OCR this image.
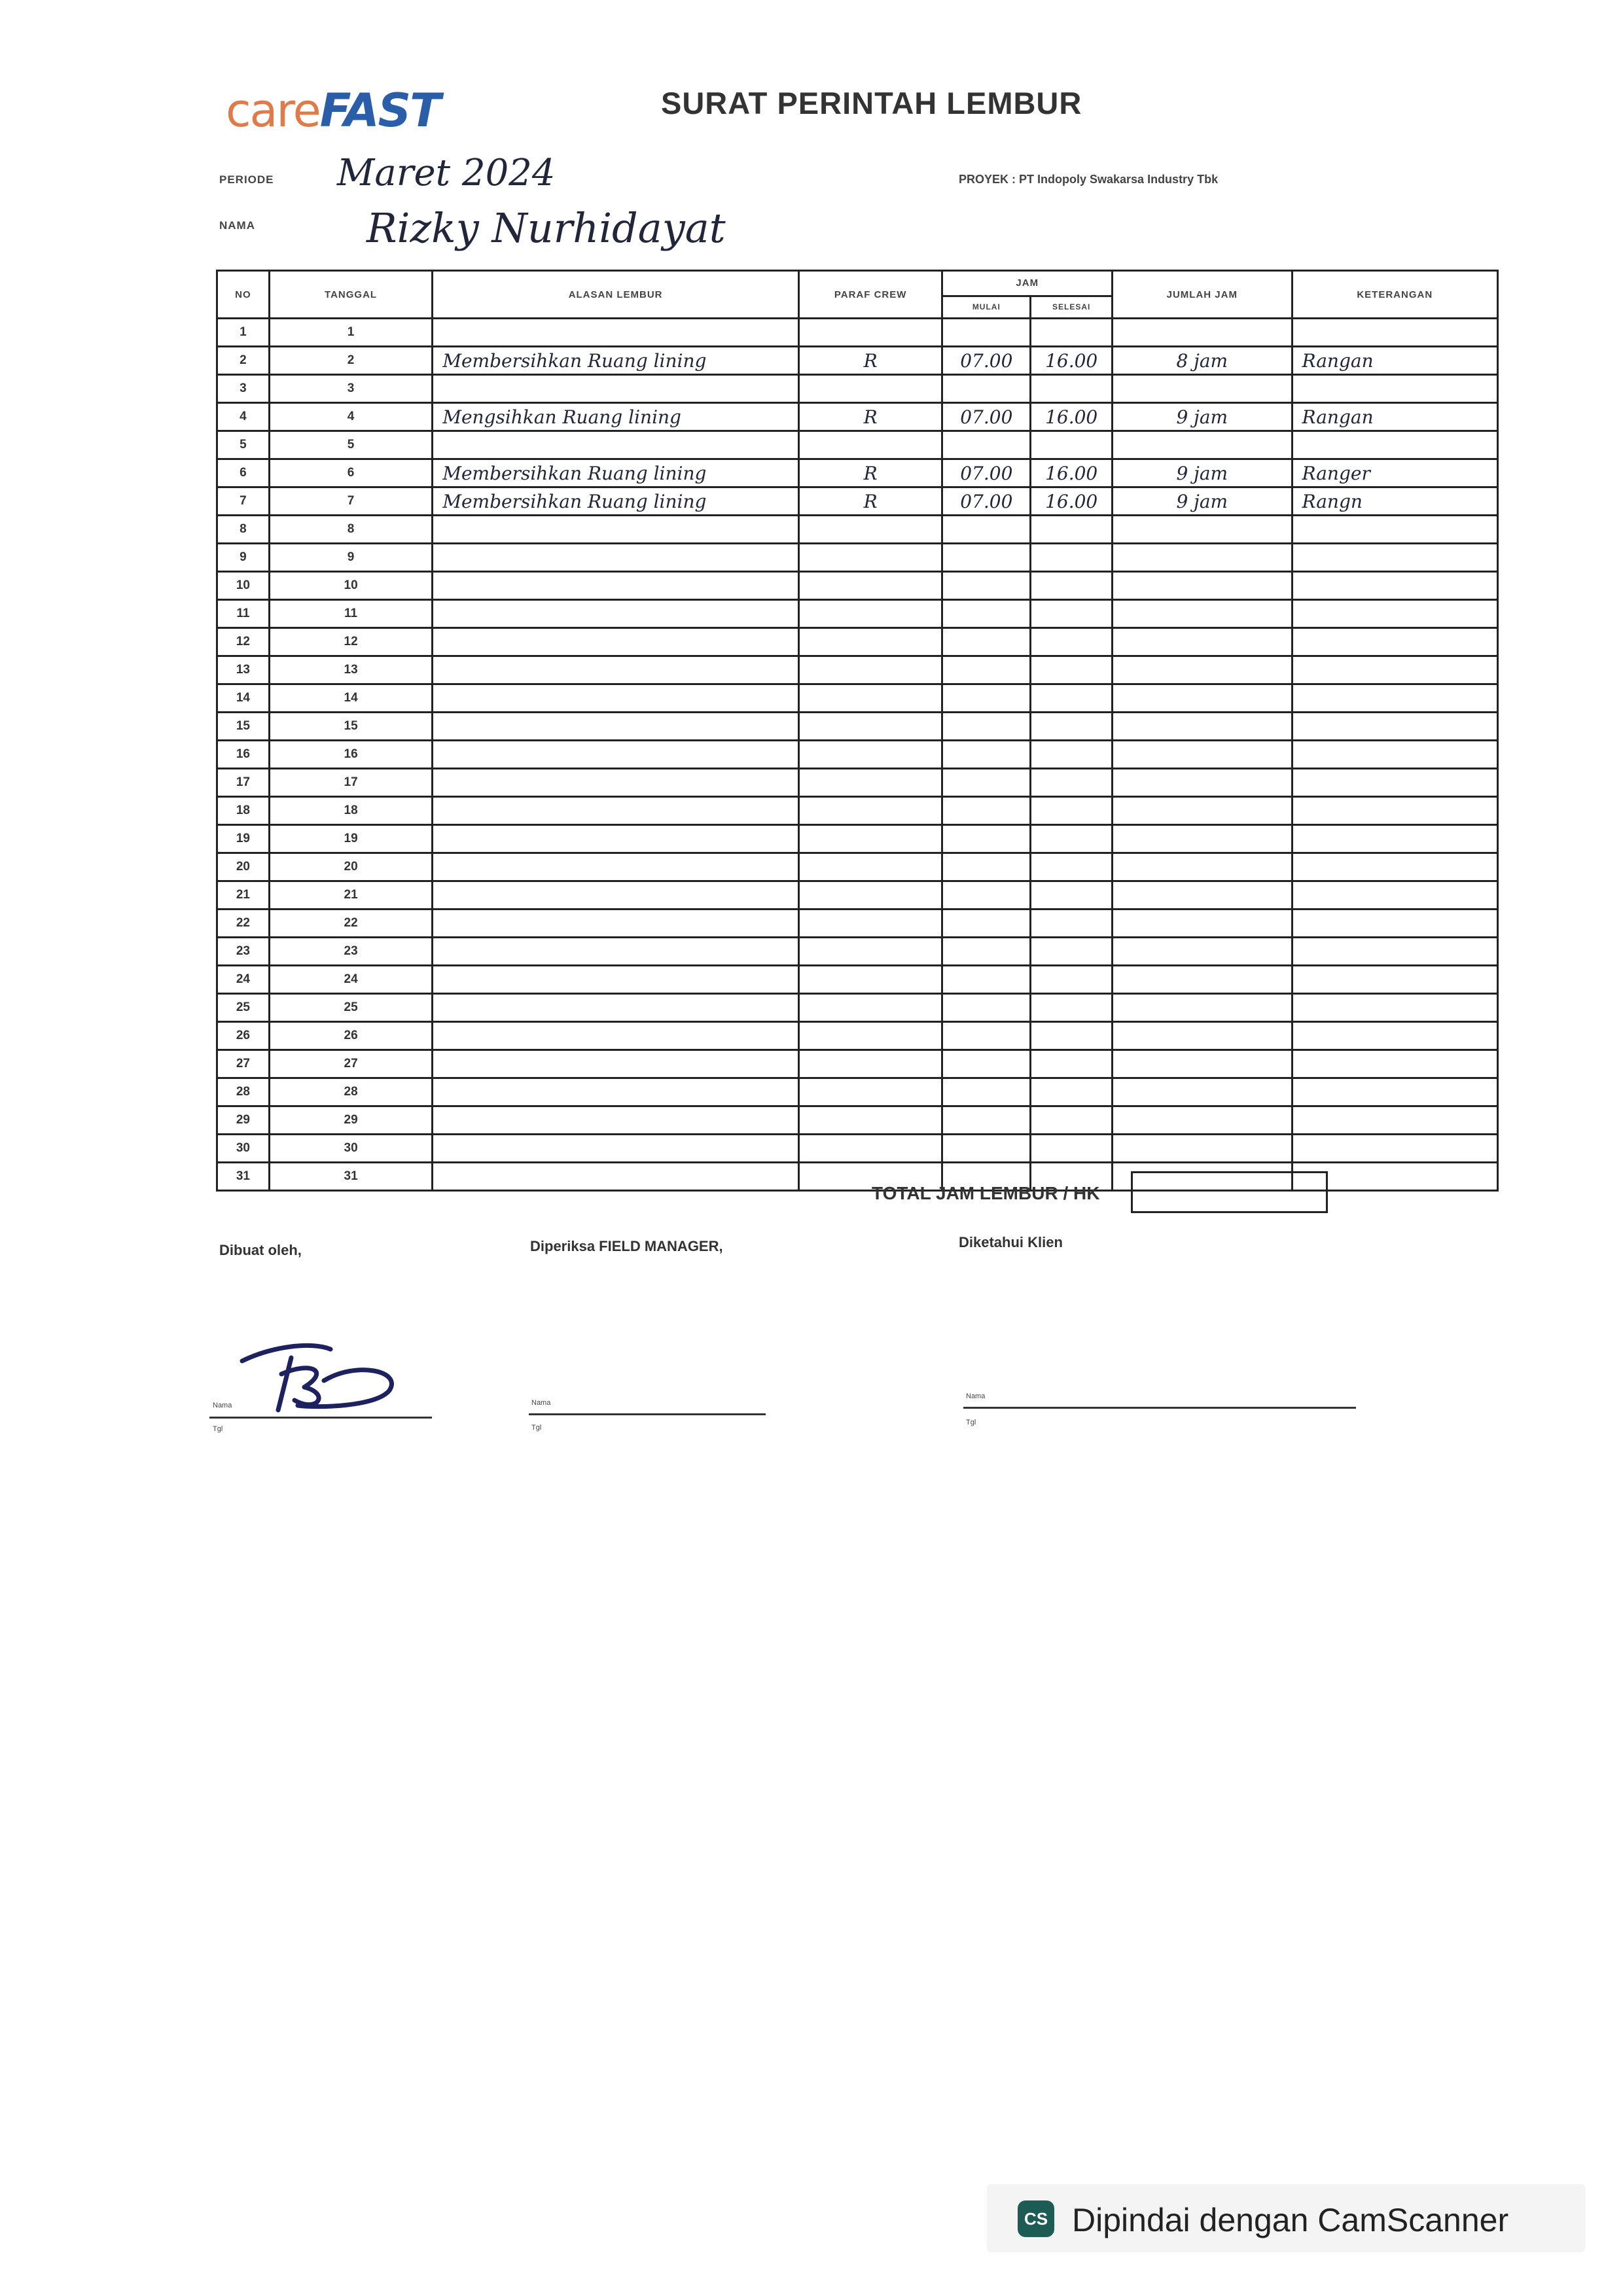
careFAST	SURAT PERINTAH LEMBUR
PERIODE Maret 2024
NAMA	Rizky Nurhidayat
PROYEK : PT Indopoly Swakarsa Industry Tbk
NO	TANGGAL	ALASAN LEMBUR	PARAF CREW	JAM		JUMLAH JAM	KETERANGAN
				MULAI	SELESAI		
1	1						
2	2	Membersihkan Ruang lining	R	07.00	16.00	8 jam	Rangan
3	3						
4	4	Mengsihkan Ruang lining	R	07.00	16.00	9 jam	Rangan
5	5						
6	6	Membersihkan Ruang lining	R	07.00	16.00	9 jam	Ranger
7	7	Membersihkan Ruang lining	R	07.00	16.00	9 jam	Rangn
8	8						
9	9						
10	10						
11	11						
12	12						
13	13						
14	14						
15	15						
16	16						
17	17						
18	18						
19	19						
20	20						
21	21						
22	22						
23	23						
24	24						
25	25						
26	26						
27	27						
28	28						
29	29						
30	30						
31	31						
TOTAL JAM LEMBUR / HK
Dibuat oleh,	Diperiksa FIELD MANAGER,	Diketahui Klien
Nama
Tgl
Nama
Tgl
Nama
Tgl
CS Dipindai dengan CamScanner
